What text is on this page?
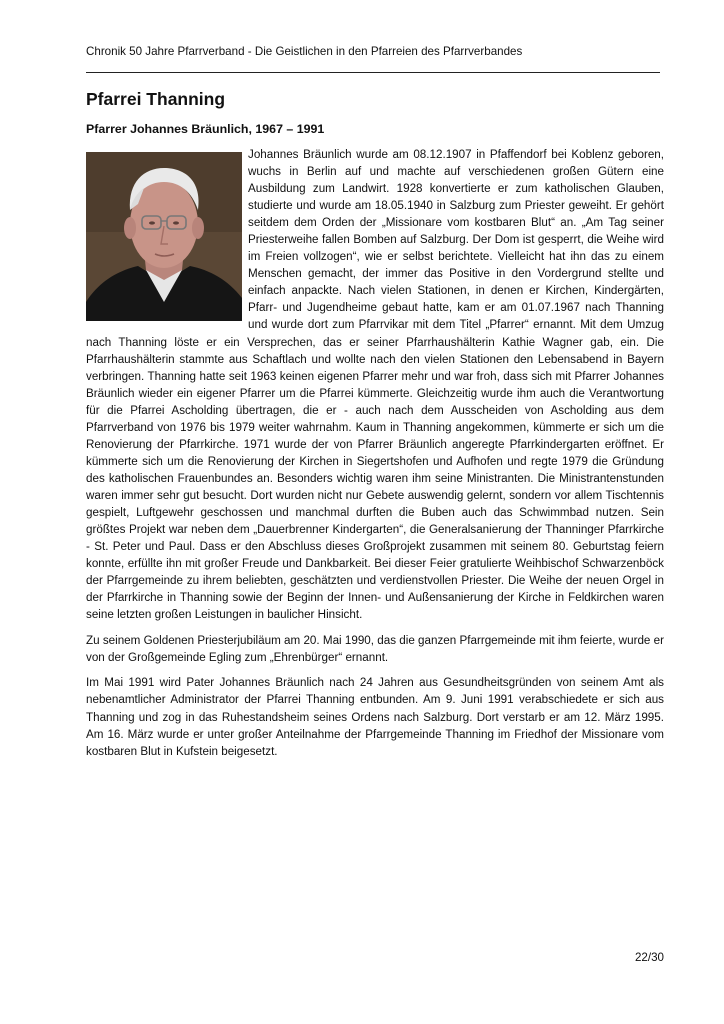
Chronik 50 Jahre Pfarrverband - Die Geistlichen in den Pfarreien des Pfarrverbandes
Pfarrei Thanning
Pfarrer Johannes Bräunlich, 1967 – 1991

Johannes Bräunlich wurde am 08.12.1907 in Pfaffendorf bei Koblenz geboren, wuchs in Berlin auf und machte auf verschiedenen großen Gütern eine Ausbildung zum Landwirt. 1928 konvertierte er zum katholischen Glauben, studierte und wurde am 18.05.1940 in Salzburg zum Priester geweiht. Er gehört seitdem dem Orden der „Missionare vom kostbaren Blut“ an. „Am Tag seiner Priesterweihe fallen Bomben auf Salzburg. Der Dom ist gesperrt, die Weihe wird im Freien vollzogen“, wie er selbst berichtete. Vielleicht hat ihn das zu einem Menschen gemacht, der immer das Positive in den Vordergrund stellte und einfach anpackte. Nach vielen Stationen, in denen er Kirchen, Kindergärten, Pfarr- und Jugendheime gebaut hatte, kam er am 01.07.1967 nach Thanning und wurde dort zum Pfarrvikar mit dem Titel „Pfarrer“ ernannt. Mit dem Umzug nach Thanning löste er ein Versprechen, das er seiner Pfarrhaushälterin Kathie Wagner gab, ein. Die Pfarrhaushälterin stammte aus Schaftlach und wollte nach den vielen Stationen den Lebensabend in Bayern verbringen. Thanning hatte seit 1963 keinen eigenen Pfarrer mehr und war froh, dass sich mit Pfarrer Johannes Bräunlich wieder ein eigener Pfarrer um die Pfarrei kümmerte. Gleichzeitig wurde ihm auch die Verantwortung für die Pfarrei Ascholding übertragen, die er - auch nach dem Ausscheiden von Ascholding aus dem Pfarrverband von 1976 bis 1979 weiter wahrnahm. Kaum in Thanning angekommen, kümmerte er sich um die Renovierung der Pfarrkirche. 1971 wurde der von Pfarrer Bräunlich angeregte Pfarrkindergarten eröffnet. Er kümmerte sich um die Renovierung der Kirchen in Siegertshofen und Aufhofen und regte 1979 die Gründung des katholischen Frauenbundes an. Besonders wichtig waren ihm seine Ministranten. Die Ministrantenstunden waren immer sehr gut besucht. Dort wurden nicht nur Gebete auswendig gelernt, sondern vor allem Tischtennis gespielt, Luftgewehr geschossen und manchmal durften die Buben auch das Schwimmbad nutzen. Sein größtes Projekt war neben dem „Dauerbrenner Kindergarten“, die Generalsanierung der Thanninger Pfarrkirche - St. Peter und Paul. Dass er den Abschluss dieses Großprojekt zusammen mit seinem 80. Geburtstag feiern konnte, erfüllte ihn mit großer Freude und Dankbarkeit. Bei dieser Feier gratulierte Weihbischof Schwarzenböck der Pfarrgemeinde zu ihrem beliebten, geschätzten und verdienstvollen Priester. Die Weihe der neuen Orgel in der Pfarrkirche in Thanning sowie der Beginn der Innen- und Außensanierung der Kirche in Feldkirchen waren seine letzten großen Leistungen in baulicher Hinsicht.

Zu seinem Goldenen Priesterjubiläum am 20. Mai 1990, das die ganzen Pfarrgemeinde mit ihm feierte, wurde er von der Großgemeinde Egling zum „Ehrenbürger“ ernannt.

Im Mai 1991 wird Pater Johannes Bräunlich nach 24 Jahren aus Gesundheitsgründen von seinem Amt als nebenamtlicher Administrator der Pfarrei Thanning entbunden. Am 9. Juni 1991 verabschiedete er sich aus Thanning und zog in das Ruhestandsheim seines Ordens nach Salzburg. Dort verstarb er am 12. März 1995. Am 16. März wurde er unter großer Anteilnahme der Pfarrgemeinde Thanning im Friedhof der Missionare vom kostbaren Blut in Kufstein beigesetzt.

22/30
